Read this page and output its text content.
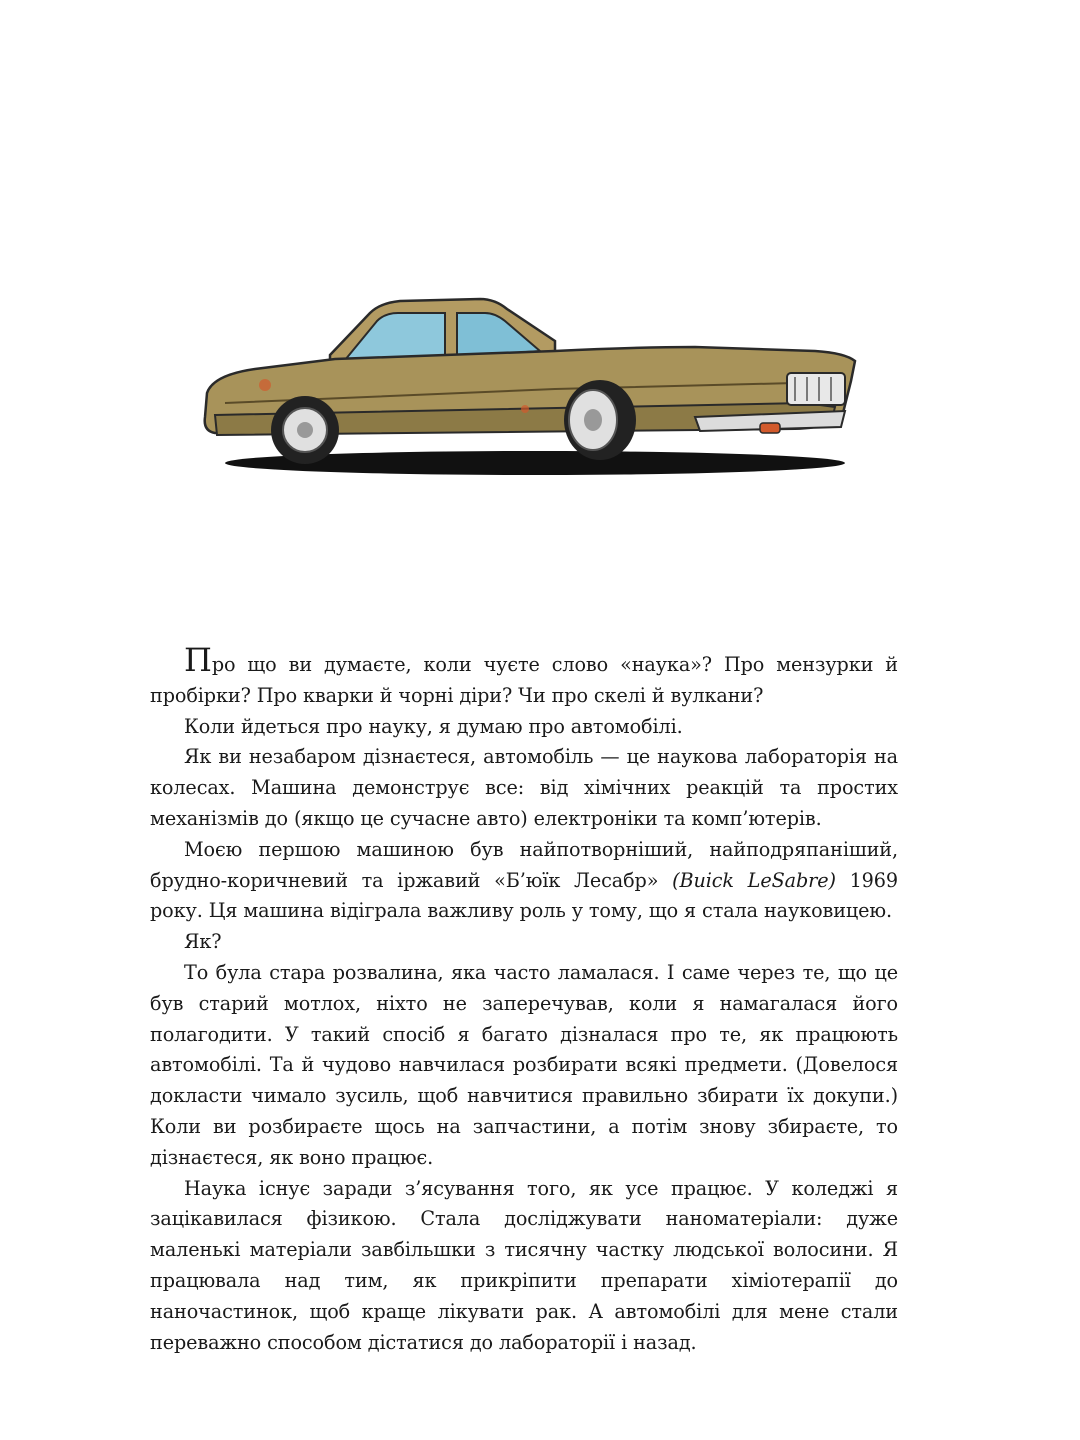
Про що ви думаєте, коли чуєте слово «наука»? Про мензурки й пробірки? Про кварки й чорні діри? Чи про скелі й вулкани?

Коли йдеться про науку, я думаю про автомобілі.

Як ви незабаром дізнаєтеся, автомобіль — це наукова лабораторія на колесах. Машина демонструє все: від хімічних реакцій та простих механізмів до (якщо це сучасне авто) електроніки та комп’ютерів.

Моєю першою машиною був найпотворніший, найподряпаніший, брудно-коричневий та іржавий «Б’юїк Лесабр» (Buick LeSabre) 1969 року. Ця машина відіграла важливу роль у тому, що я стала науковицею.

Як?

То була стара розвалина, яка часто ламалася. І саме через те, що це був старий мотлох, ніхто не заперечував, коли я намагалася його полагодити. У такий спосіб я багато дізналася про те, як працюють автомобілі. Та й чудово навчилася розбирати всякі предмети. (Довелося докласти чимало зусиль, щоб навчитися правильно збирати їх докупи.) Коли ви розбираєте щось на запчастини, а потім знову збираєте, то дізнаєтеся, як воно працює.

Наука існує заради з’ясування того, як усе працює. У коледжі я зацікавилася фізикою. Стала досліджувати наноматеріали: дуже маленькі матеріали завбільшки з тисячну частку людської волосини. Я працювала над тим, як прикріпити препарати хіміотерапії до наночастинок, щоб краще лікувати рак. А автомобілі для мене стали переважно способом дістатися до лабораторії і назад.
